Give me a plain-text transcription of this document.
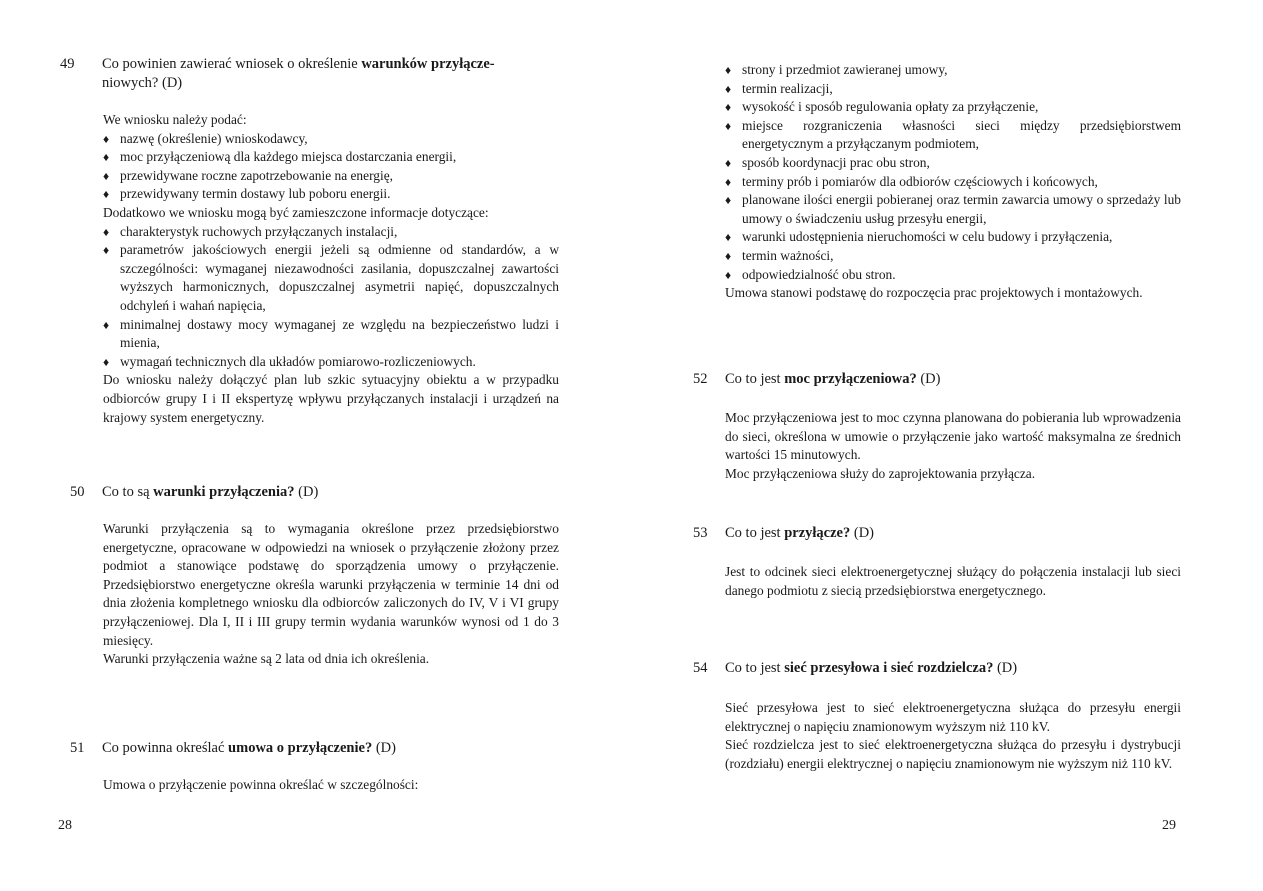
49 Co powinien zawierać wniosek o określenie warunków przyłącze-
niowych? (D)

We wniosku należy podać:

♦ nazwę (określenie) wnioskodawcy,

♦ moc przyłączeniową dla każdego miejsca dostarczania energii,

♦ przewidywane roczne zapotrzebowanie na energię,

♦ przewidywany termin dostawy lub poboru energii.

Dodatkowo we wniosku mogą być zamieszczone informacje dotyczące:

♦ charakterystyk ruchowych przyłączanych instalacji,

♦ parametrów jakościowych energii jeżeli są odmienne od standardów, a w szczególności: wymaganej niezawodności zasilania, dopuszczalnej zawartości wyższych harmonicznych, dopuszczalnej asymetrii napięć, dopuszczalnych odchyleń i wahań napięcia,

♦ minimalnej dostawy mocy wymaganej ze względu na bezpieczeństwo ludzi i mienia,

♦ wymagań technicznych dla układów pomiarowo-rozliczeniowych.

Do wniosku należy dołączyć plan lub szkic sytuacyjny obiektu a w przypadku odbiorców grupy I i II ekspertyzę wpływu przyłączanych instalacji i urządzeń na krajowy system energetyczny.

50 Co to są warunki przyłączenia? (D)

Warunki przyłączenia są to wymagania określone przez przedsiębiorstwo energetyczne, opracowane w odpowiedzi na wniosek o przyłączenie złożony przez podmiot a stanowiące podstawę do sporządzenia umowy o przyłączenie. Przedsiębiorstwo energetyczne określa warunki przyłączenia w terminie 14 dni od dnia złożenia kompletnego wniosku dla odbiorców zaliczonych do IV, V i VI grupy przyłączeniowej. Dla I, II i III grupy termin wydania warunków wynosi od 1 do 3 miesięcy.

Warunki przyłączenia ważne są 2 lata od dnia ich określenia.

51 Co powinna określać umowa o przyłączenie? (D)

Umowa o przyłączenie powinna określać w szczególności:

28

♦ strony i przedmiot zawieranej umowy,

♦ termin realizacji,

♦ wysokość i sposób regulowania opłaty za przyłączenie,

♦ miejsce rozgraniczenia własności sieci między przedsiębiorstwem energetycznym a przyłączanym podmiotem,

♦ sposób koordynacji prac obu stron,

♦ terminy prób i pomiarów dla odbiorów częściowych i końcowych,

♦ planowane ilości energii pobieranej oraz termin zawarcia umowy o sprzedaży lub umowy o świadczeniu usług przesyłu energii,

♦ warunki udostępnienia nieruchomości w celu budowy i przyłączenia,

♦ termin ważności,

♦ odpowiedzialność obu stron.

Umowa stanowi podstawę do rozpoczęcia prac projektowych i montażowych.

52 Co to jest moc przyłączeniowa? (D)

Moc przyłączeniowa jest to moc czynna planowana do pobierania lub wprowadzenia do sieci, określona w umowie o przyłączenie jako wartość maksymalna ze średnich wartości 15 minutowych.

Moc przyłączeniowa służy do zaprojektowania przyłącza.

53 Co to jest przyłącze? (D)

Jest to odcinek sieci elektroenergetycznej służący do połączenia instalacji lub sieci danego podmiotu z siecią przedsiębiorstwa energetycznego.

54 Co to jest sieć przesyłowa i sieć rozdzielcza? (D)

Sieć przesyłowa jest to sieć elektroenergetyczna służąca do przesyłu energii elektrycznej o napięciu znamionowym wyższym niż 110 kV.

Sieć rozdzielcza jest to sieć elektroenergetyczna służąca do przesyłu i dystrybucji (rozdziału) energii elektrycznej o napięciu znamionowym nie wyższym niż 110 kV.

29
